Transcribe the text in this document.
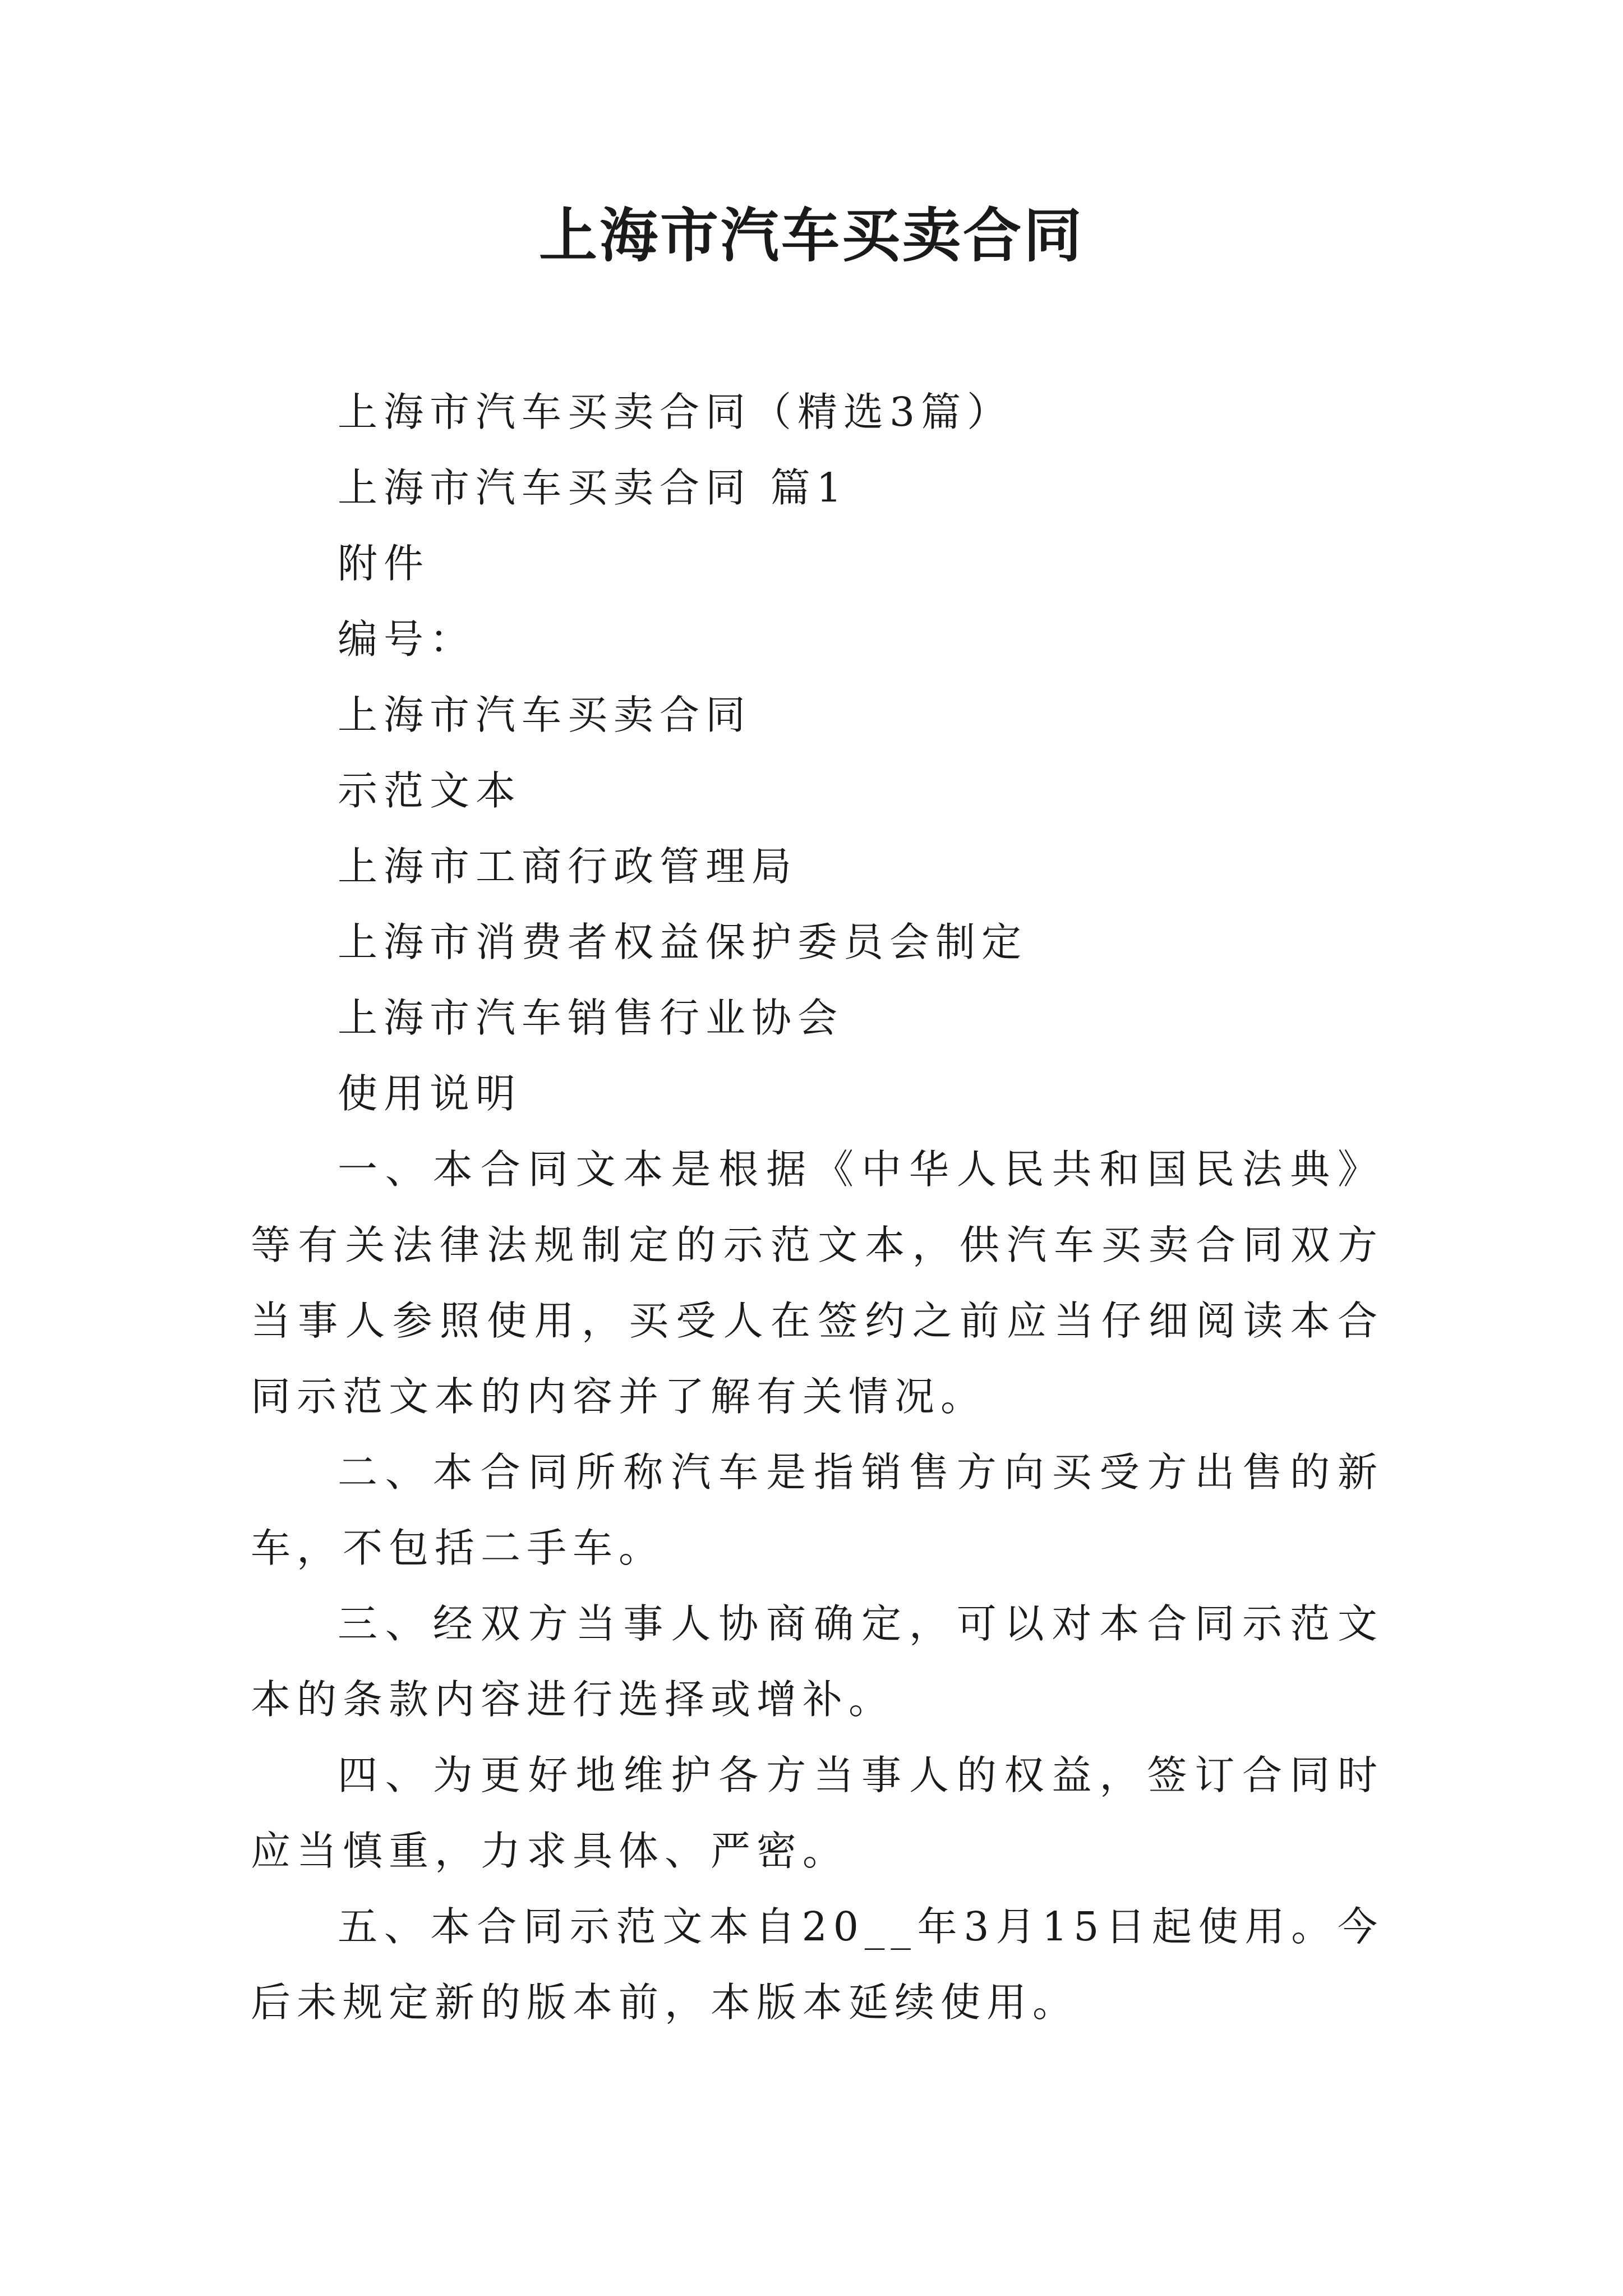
上海市汽车买卖合同

上海市汽车买卖合同（精选3篇）

上海市汽车买卖合同 篇1

附件

编号：

上海市汽车买卖合同

示范文本

上海市工商行政管理局

上海市消费者权益保护委员会制定

上海市汽车销售行业协会

使用说明

一、本合同文本是根据《中华人民共和国民法典》等有关法律法规制定的示范文本，供汽车买卖合同双方当事人参照使用，买受人在签约之前应当仔细阅读本合同示范文本的内容并了解有关情况。

二、本合同所称汽车是指销售方向买受方出售的新车，不包括二手车。

三、经双方当事人协商确定，可以对本合同示范文本的条款内容进行选择或增补。

四、为更好地维护各方当事人的权益，签订合同时应当慎重，力求具体、严密。

五、本合同示范文本自20__年3月15日起使用。今后未规定新的版本前，本版本延续使用。
